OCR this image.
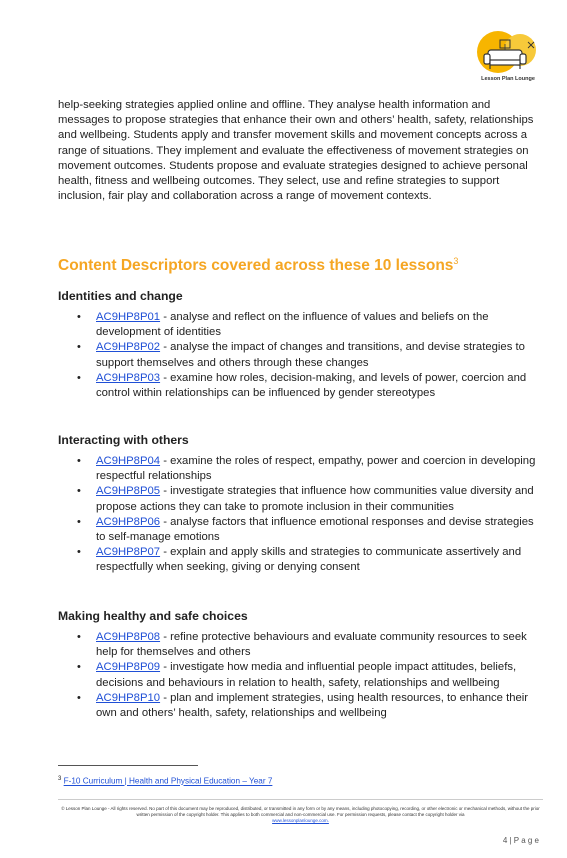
Lesson Plan Lounge

help-seeking strategies applied online and offline. They analyse health information and messages to propose strategies that enhance their own and others’ health, safety, relationships and wellbeing. Students apply and transfer movement skills and movement concepts across a range of situations. They implement and evaluate the effectiveness of movement strategies on movement outcomes. Students propose and evaluate strategies designed to achieve personal health, fitness and wellbeing outcomes. They select, use and refine strategies to support inclusion, fair play and collaboration across a range of movement contexts.

Content Descriptors covered across these 10 lessons$^3$
Identities and change
• AC9HP8P01 - analyse and reflect on the influence of values and beliefs on the development of identities
• AC9HP8P02 - analyse the impact of changes and transitions, and devise strategies to support themselves and others through these changes
• AC9HP8P03 - examine how roles, decision-making, and levels of power, coercion and control within relationships can be influenced by gender stereotypes
Interacting with others
• AC9HP8P04 - examine the roles of respect, empathy, power and coercion in developing respectful relationships
• AC9HP8P05 - investigate strategies that influence how communities value diversity and propose actions they can take to promote inclusion in their communities
• AC9HP8P06 - analyse factors that influence emotional responses and devise strategies to self-manage emotions
• AC9HP8P07 - explain and apply skills and strategies to communicate assertively and respectfully when seeking, giving or denying consent
Making healthy and safe choices
• AC9HP8P08 - refine protective behaviours and evaluate community resources to seek help for themselves and others
• AC9HP8P09 - investigate how media and influential people impact attitudes, beliefs, decisions and behaviours in relation to health, safety, relationships and wellbeing
• AC9HP8P10 - plan and implement strategies, using health resources, to enhance their own and others’ health, safety, relationships and wellbeing
$^3$ F-10 Curriculum | Health and Physical Education – Year 7
© Lesson Plan Lounge - All rights reserved. No part of this document may be reproduced, distributed, or transmitted in any form or by any means, including photocopying, recording, or other electronic or mechanical methods, without the prior written permission of the copyright holder. This applies to both commercial and non-commercial use. For permission requests, please contact the copyright holder via
www.lessonplanlounge.com.
4 | P a g e
